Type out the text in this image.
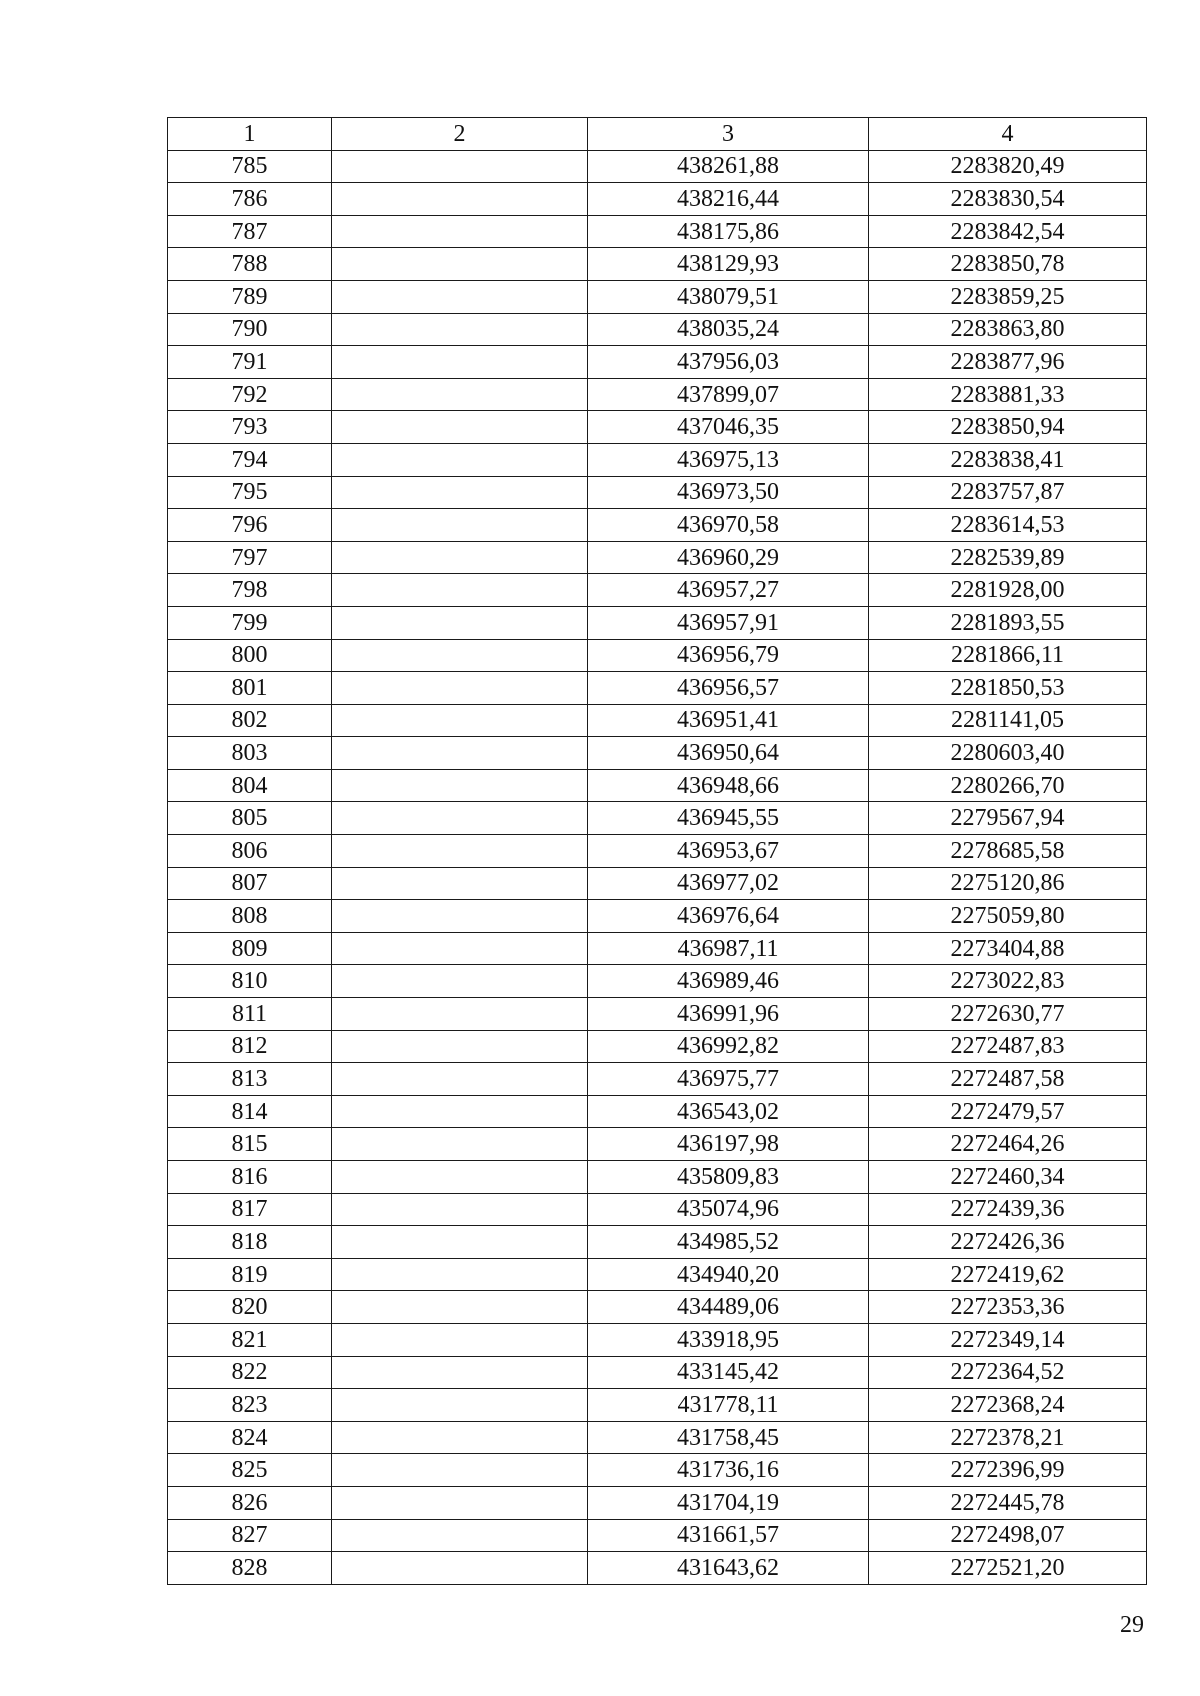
1	2	3	4
785		438261,88	2283820,49
786		438216,44	2283830,54
787		438175,86	2283842,54
788		438129,93	2283850,78
789		438079,51	2283859,25
790		438035,24	2283863,80
791		437956,03	2283877,96
792		437899,07	2283881,33
793		437046,35	2283850,94
794		436975,13	2283838,41
795		436973,50	2283757,87
796		436970,58	2283614,53
797		436960,29	2282539,89
798		436957,27	2281928,00
799		436957,91	2281893,55
800		436956,79	2281866,11
801		436956,57	2281850,53
802		436951,41	2281141,05
803		436950,64	2280603,40
804		436948,66	2280266,70
805		436945,55	2279567,94
806		436953,67	2278685,58
807		436977,02	2275120,86
808		436976,64	2275059,80
809		436987,11	2273404,88
810		436989,46	2273022,83
811		436991,96	2272630,77
812		436992,82	2272487,83
813		436975,77	2272487,58
814		436543,02	2272479,57
815		436197,98	2272464,26
816		435809,83	2272460,34
817		435074,96	2272439,36
818		434985,52	2272426,36
819		434940,20	2272419,62
820		434489,06	2272353,36
821		433918,95	2272349,14
822		433145,42	2272364,52
823		431778,11	2272368,24
824		431758,45	2272378,21
825		431736,16	2272396,99
826		431704,19	2272445,78
827		431661,57	2272498,07
828		431643,62	2272521,20
29
